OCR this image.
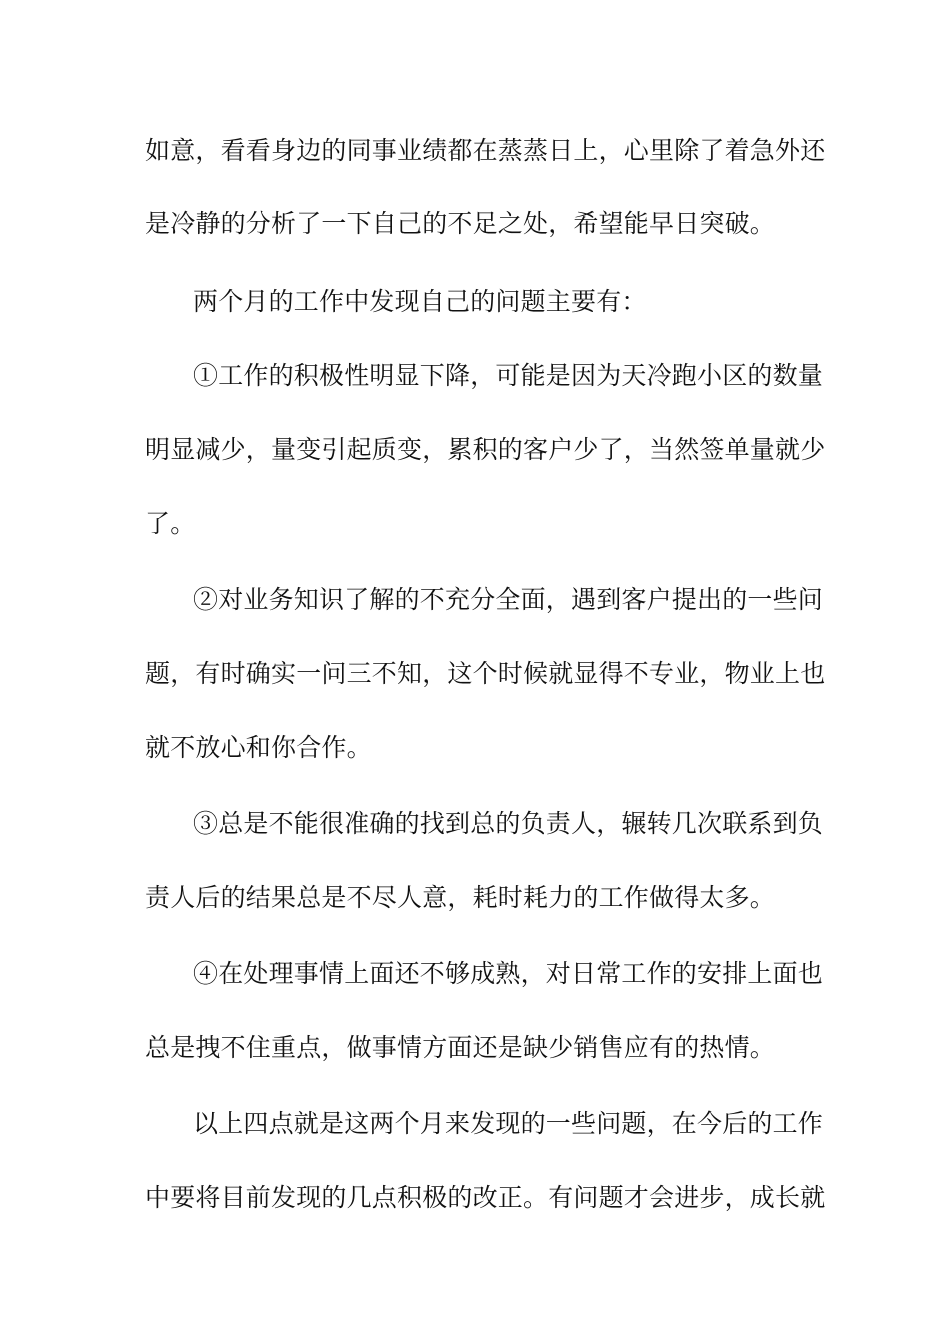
如意，看看身边的同事业绩都在蒸蒸日上，心里除了着急外还
是冷静的分析了一下自己的不足之处，希望能早日突破。
两个月的工作中发现自己的问题主要有：
①工作的积极性明显下降，可能是因为天冷跑小区的数量
明显减少，量变引起质变，累积的客户少了，当然签单量就少
了。
②对业务知识了解的不充分全面，遇到客户提出的一些问
题，有时确实一问三不知，这个时候就显得不专业，物业上也
就不放心和你合作。
③总是不能很准确的找到总的负责人，辗转几次联系到负
责人后的结果总是不尽人意，耗时耗力的工作做得太多。
④在处理事情上面还不够成熟，对日常工作的安排上面也
总是拽不住重点，做事情方面还是缺少销售应有的热情。
以上四点就是这两个月来发现的一些问题，在今后的工作
中要将目前发现的几点积极的改正。有问题才会进步，成长就
